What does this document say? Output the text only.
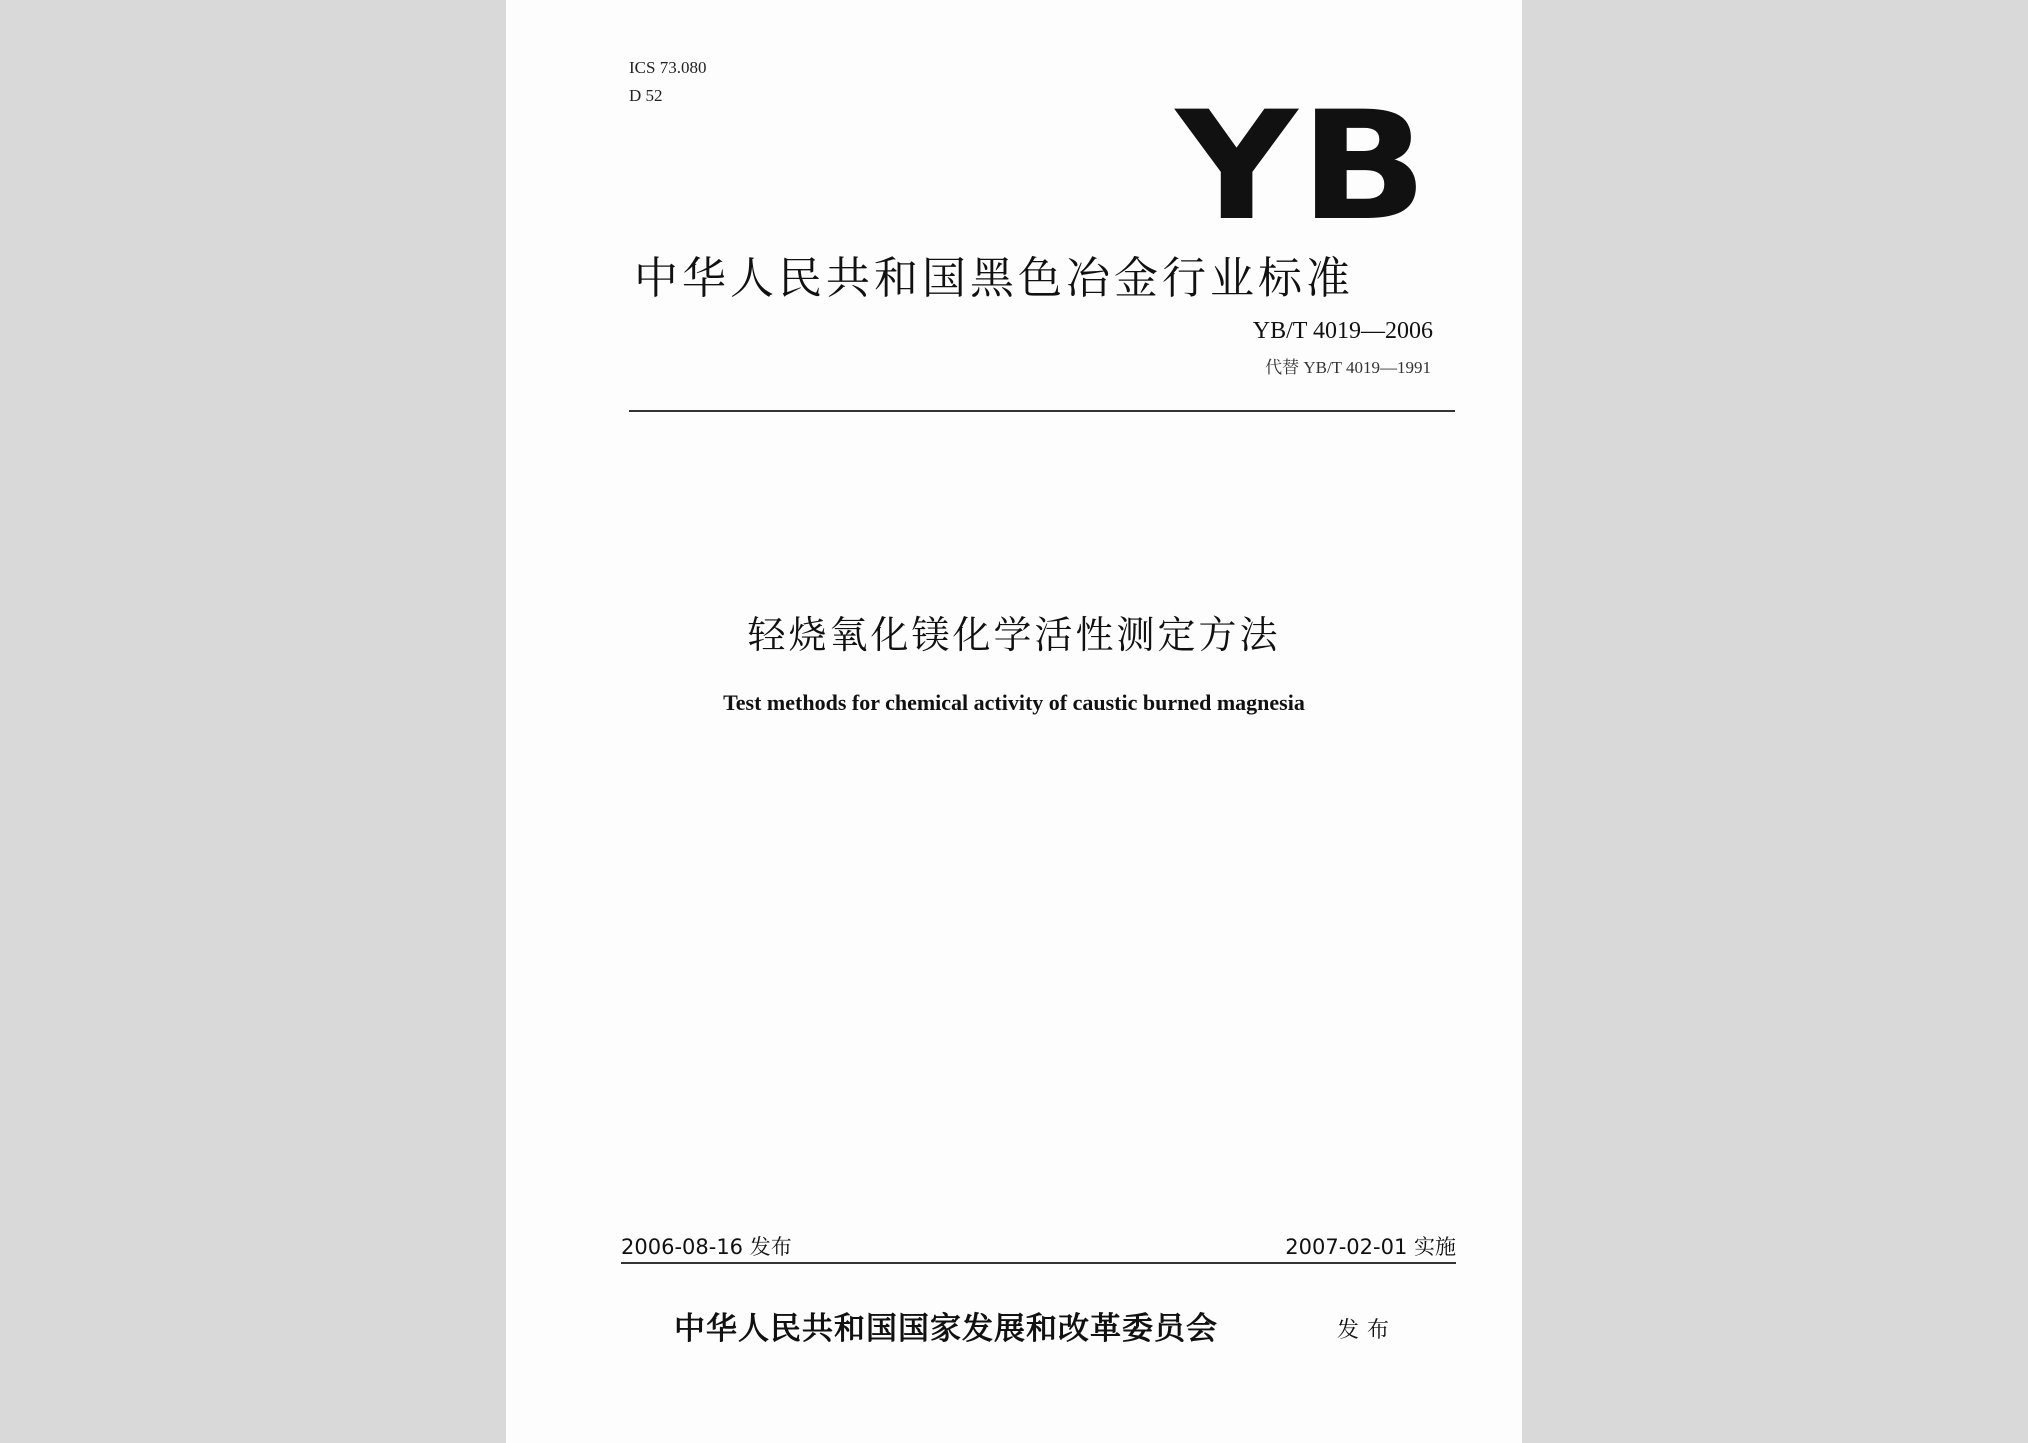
ICS 73.080
D 52	YB
中华人民共和国黑色冶金行业标准
YB/T 4019—2006
代替 YB/T 4019—1991
轻烧氧化镁化学活性测定方法
Test methods for chemical activity of caustic burned magnesia
2006-08-16 发布	2007-02-01 实施
中华人民共和国国家发展和改革委员会	发布
